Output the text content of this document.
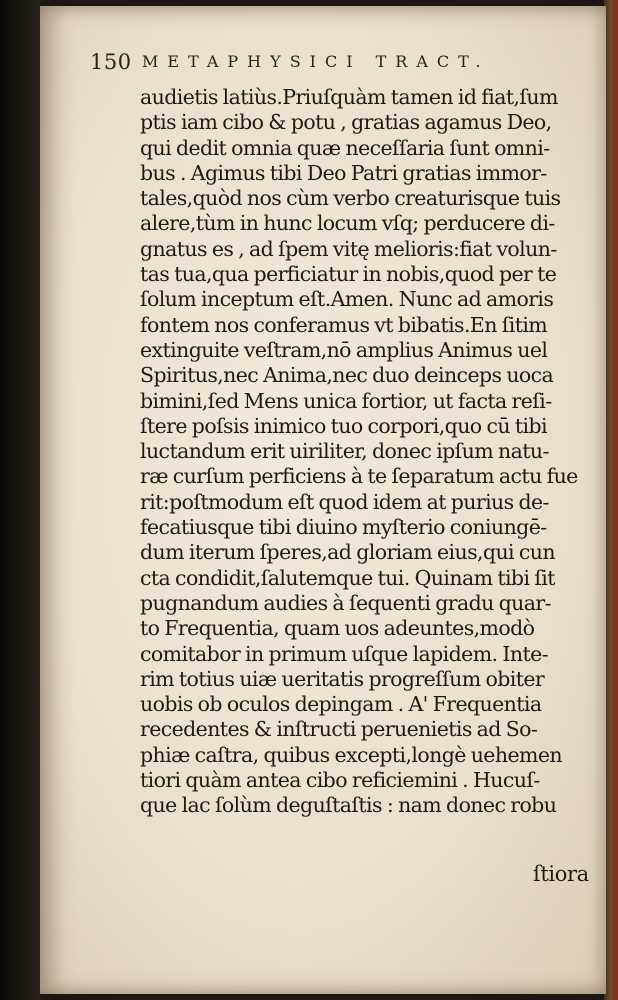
150 METAPHYSICI TRACT.
audietis latiùs.Priuſquàm tamen id fiat,ſum
ptis iam cibo & potu , gratias agamus Deo,
qui dedit omnia quæ neceſſaria ſunt omni-
bus . Agimus tibi Deo Patri gratias immor-
tales,quòd nos cùm verbo creaturisque tuis
alere,tùm in hunc locum vſq; perducere di-
gnatus es , ad ſpem vitę melioris:fiat volun-
tas tua,qua perficiatur in nobis,quod per te
ſolum inceptum eſt.Amen. Nunc ad amoris
fontem nos conferamus vt bibatis.En ſitim
extinguite veſtram,nō amplius Animus uel
Spiritus,nec Anima,nec duo deinceps uoca
bimini,ſed Mens unica fortior, ut facta reſi-
ſtere poſsis inimico tuo corpori,quo cū tibi
luctandum erit uiriliter, donec ipſum natu-
ræ curſum perficiens à te ſeparatum actu fue
rit:poſtmodum eſt quod idem at purius de-
fecatiusque tibi diuino myſterio coniungē-
dum iterum ſperes,ad gloriam eius,qui cun
cta condidit,ſalutemque tui. Quinam tibi ſit
pugnandum audies à ſequenti gradu quar-
to Frequentia, quam uos adeuntes,modò
comitabor in primum uſque lapidem. Inte-
rim totius uiæ ueritatis progreſſum obiter
uobis ob oculos depingam . A' Frequentia
recedentes & inſtructi peruenietis ad So-
phiæ caſtra, quibus excepti,longè uehemen
tiori quàm antea cibo reficiemini . Hucuſ-
que lac ſolùm deguſtaſtis : nam donec robu
ſtiora
